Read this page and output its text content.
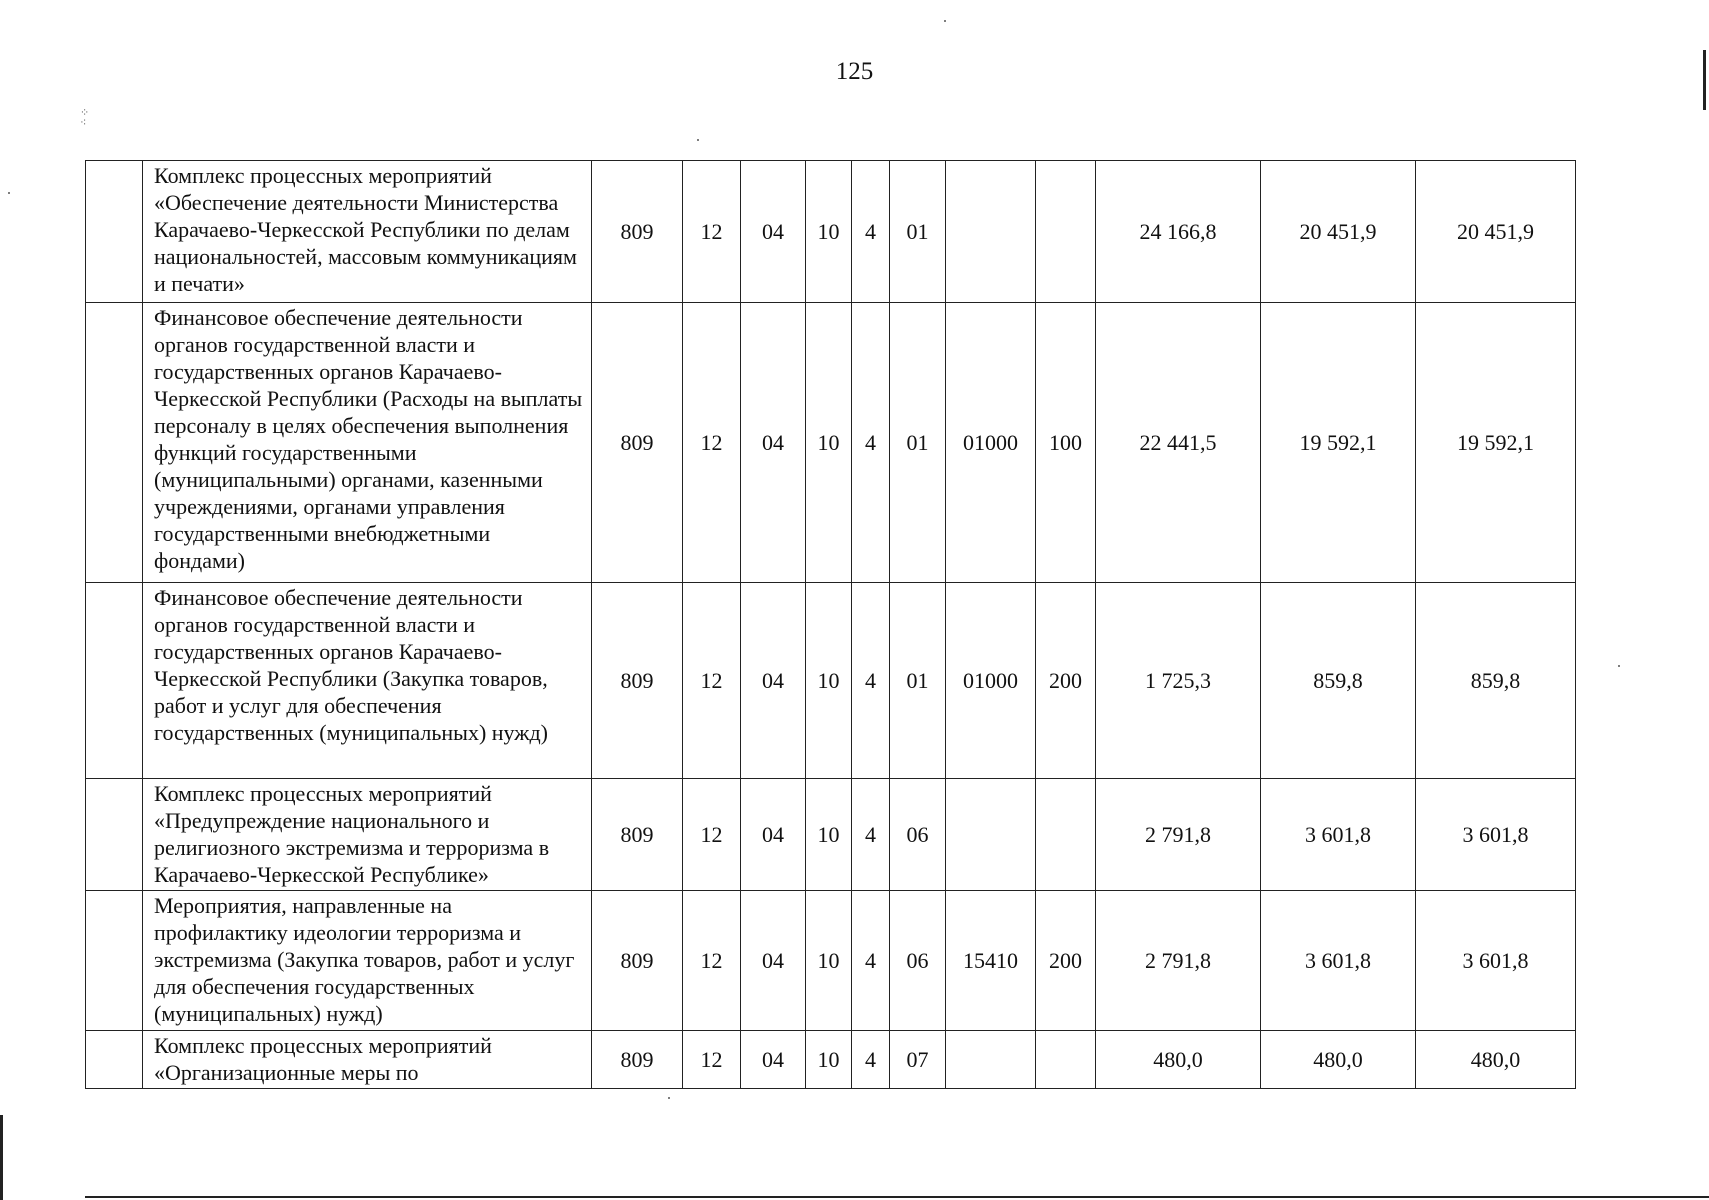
125
⁘
⁖
	Комплекс процессных мероприятий «Обеспечение деятельности Министерства Карачаево-Черкесской Республики по делам национальностей, массовым коммуникациям и печати»	809	12	04	10	4	01			24 166,8	20 451,9	20 451,9
	Финансовое обеспечение деятельности органов государственной власти и государственных органов Карачаево-Черкесской Республики (Расходы на выплаты персоналу в целях обеспечения выполнения функций государственными (муниципальными) органами, казенными учреждениями, органами управления государственными внебюджетными фондами)	809	12	04	10	4	01	01000	100	22 441,5	19 592,1	19 592,1
	Финансовое обеспечение деятельности органов государственной власти и государственных органов Карачаево-Черкесской Республики (Закупка товаров, работ и услуг для обеспечения государственных (муниципальных) нужд)	809	12	04	10	4	01	01000	200	1 725,3	859,8	859,8
	Комплекс процессных мероприятий «Предупреждение национального и религиозного экстремизма и терроризма в Карачаево-Черкесской Республике»	809	12	04	10	4	06			2 791,8	3 601,8	3 601,8
	Мероприятия, направленные на профилактику идеологии терроризма и экстремизма (Закупка товаров, работ и услуг для обеспечения государственных (муниципальных) нужд)	809	12	04	10	4	06	15410	200	2 791,8	3 601,8	3 601,8
	Комплекс процессных мероприятий «Организационные меры по	809	12	04	10	4	07			480,0	480,0	480,0
